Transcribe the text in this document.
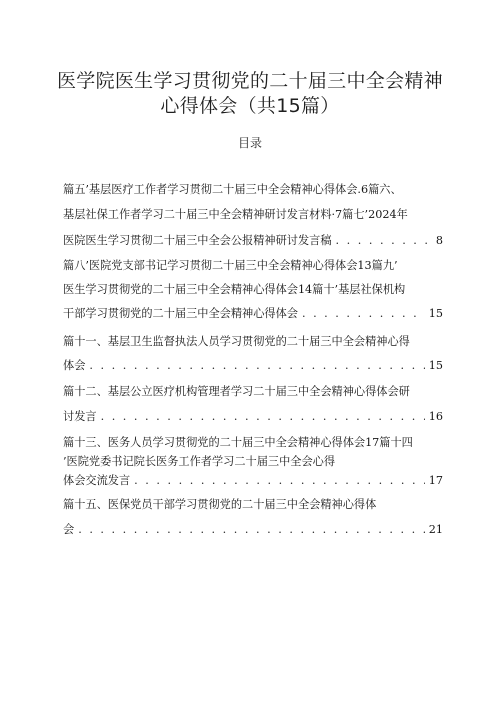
医学院医生学习贯彻党的二十届三中全会精神
心得体会（共15篇）
目录
篇五’基层医疗工作者学习贯彻二十届三中全会精神心得体会.6篇六、
基层社保工作者学习二十届三中全会精神研讨发言材料·7篇七’2024年
医院医生学习贯彻二十届三中全会公报精神研讨发言稿 . . .	8
篇八’医院党支部书记学习贯彻二十届三中全会精神心得体会13篇九’
医生学习贯彻党的二十届三中全会精神心得体会14篇十’基层社保机构
干部学习贯彻党的二十届三中全会精神心得体会 . . .	15
篇十一、基层卫生监督执法人员学习贯彻党的二十届三中全会精神心得
体会 . . .	15
篇十二、基层公立医疗机构管理者学习二十届三中全会精神心得体会研
讨发言 . . .	16
篇十三、医务人员学习贯彻党的二十届三中全会精神心得体会17篇十四
’医院党委书记院长医务工作者学习二十届三中全会心得
体会交流发言 . . .	17
篇十五、医保党员干部学习贯彻党的二十届三中全会精神心得体
会 . . .	21
